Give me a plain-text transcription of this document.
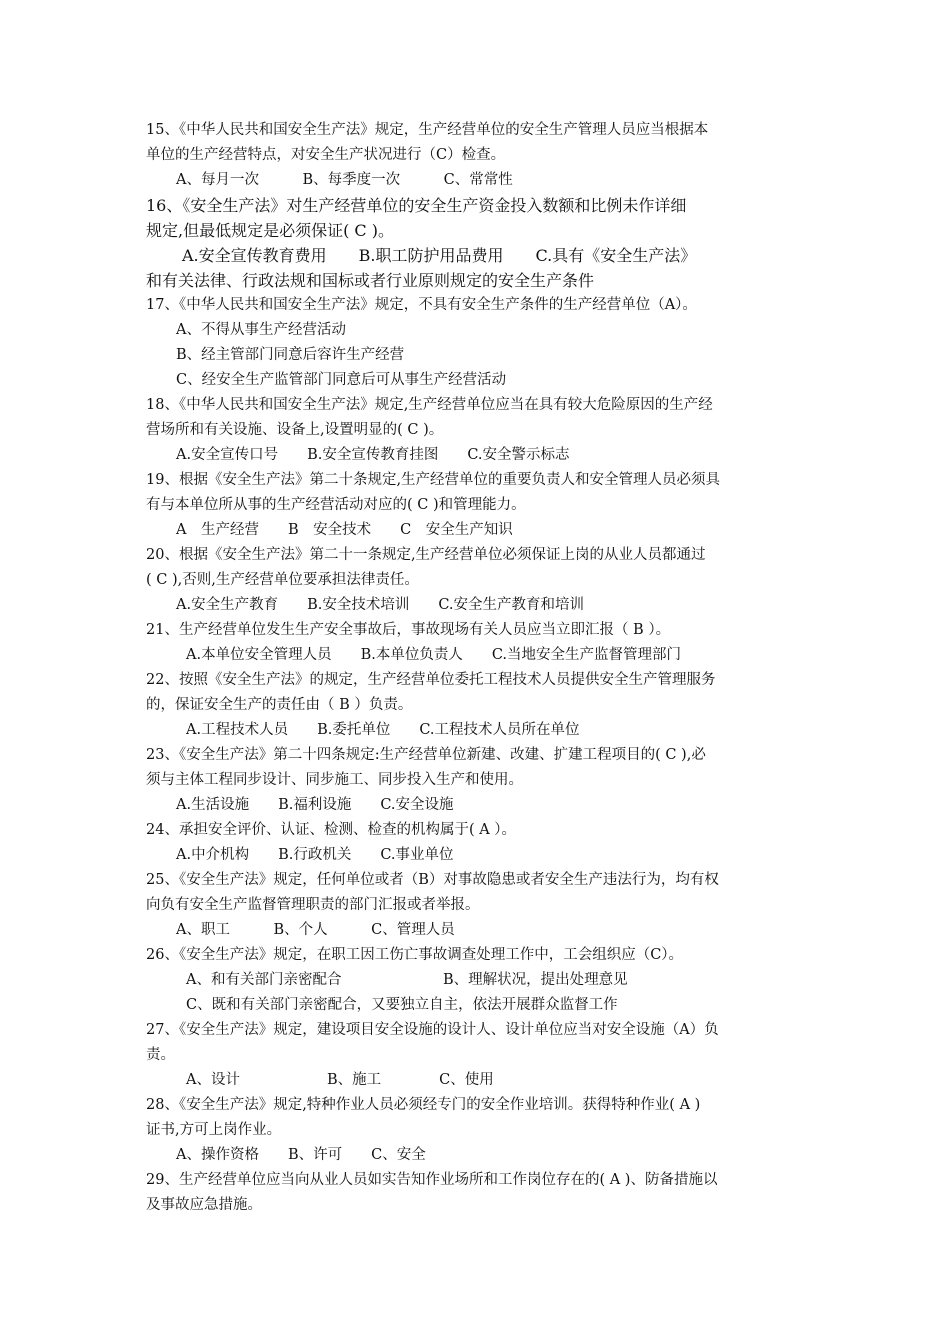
15、《中华人民共和国安全生产法》规定，生产经营单位的安全生产管理人员应当根据本
单位的生产经营特点，对安全生产状况进行（C）检查。
A、每月一次　　　B、每季度一次　　　C、常常性
16、《安全生产法》对生产经营单位的安全生产资金投入数额和比例未作详细
规定,但最低规定是必须保证( C )。
A.安全宣传教育费用　　B.职工防护用品费用　　C.具有《安全生产法》
和有关法律、行政法规和国标或者行业原则规定的安全生产条件
17、《中华人民共和国安全生产法》规定，不具有安全生产条件的生产经营单位（A）。
A、不得从事生产经营活动
B、经主管部门同意后容许生产经营
C、经安全生产监管部门同意后可从事生产经营活动
18、《中华人民共和国安全生产法》规定,生产经营单位应当在具有较大危险原因的生产经
营场所和有关设施、设备上,设置明显的( C )。
A.安全宣传口号　　B.安全宣传教育挂图　　C.安全警示标志
19、根据《安全生产法》第二十条规定,生产经营单位的重要负责人和安全管理人员必须具
有与本单位所从事的生产经营活动对应的( C )和管理能力。
A　生产经营　　B　安全技术　　C　安全生产知识
20、根据《安全生产法》第二十一条规定,生产经营单位必须保证上岗的从业人员都通过
( C ),否则,生产经营单位要承担法律责任。
A.安全生产教育　　B.安全技术培训　　C.安全生产教育和培训
21、生产经营单位发生生产安全事故后，事故现场有关人员应当立即汇报（ B ）。
A.本单位安全管理人员　　B.本单位负责人　　C.当地安全生产监督管理部门
22、按照《安全生产法》的规定，生产经营单位委托工程技术人员提供安全生产管理服务
的，保证安全生产的责任由（ B ）负责。
A.工程技术人员　　B.委托单位　　C.工程技术人员所在单位
23、《安全生产法》第二十四条规定:生产经营单位新建、改建、扩建工程项目的( C ),必
须与主体工程同步设计、同步施工、同步投入生产和使用。
A.生活设施　　B.福利设施　　C.安全设施
24、承担安全评价、认证、检测、检查的机构属于( A ）。
A.中介机构　　B.行政机关　　C.事业单位
25、《安全生产法》规定，任何单位或者（B）对事故隐患或者安全生产违法行为，均有权
向负有安全生产监督管理职责的部门汇报或者举报。
A、职工　　　B、个人　　　C、管理人员
26、《安全生产法》规定，在职工因工伤亡事故调查处理工作中，工会组织应（C）。
A、和有关部门亲密配合　　　　　　　B、理解状况，提出处理意见
C、既和有关部门亲密配合，又要独立自主，依法开展群众监督工作
27、《安全生产法》规定，建设项目安全设施的设计人、设计单位应当对安全设施（A）负
责。
A、设计　　　　　　B、施工　　　　C、使用
28、《安全生产法》规定,特种作业人员必须经专门的安全作业培训。获得特种作业( A )
证书,方可上岗作业。
A、操作资格　　B、许可　　C、安全
29、生产经营单位应当向从业人员如实告知作业场所和工作岗位存在的( A )、防备措施以
及事故应急措施。
